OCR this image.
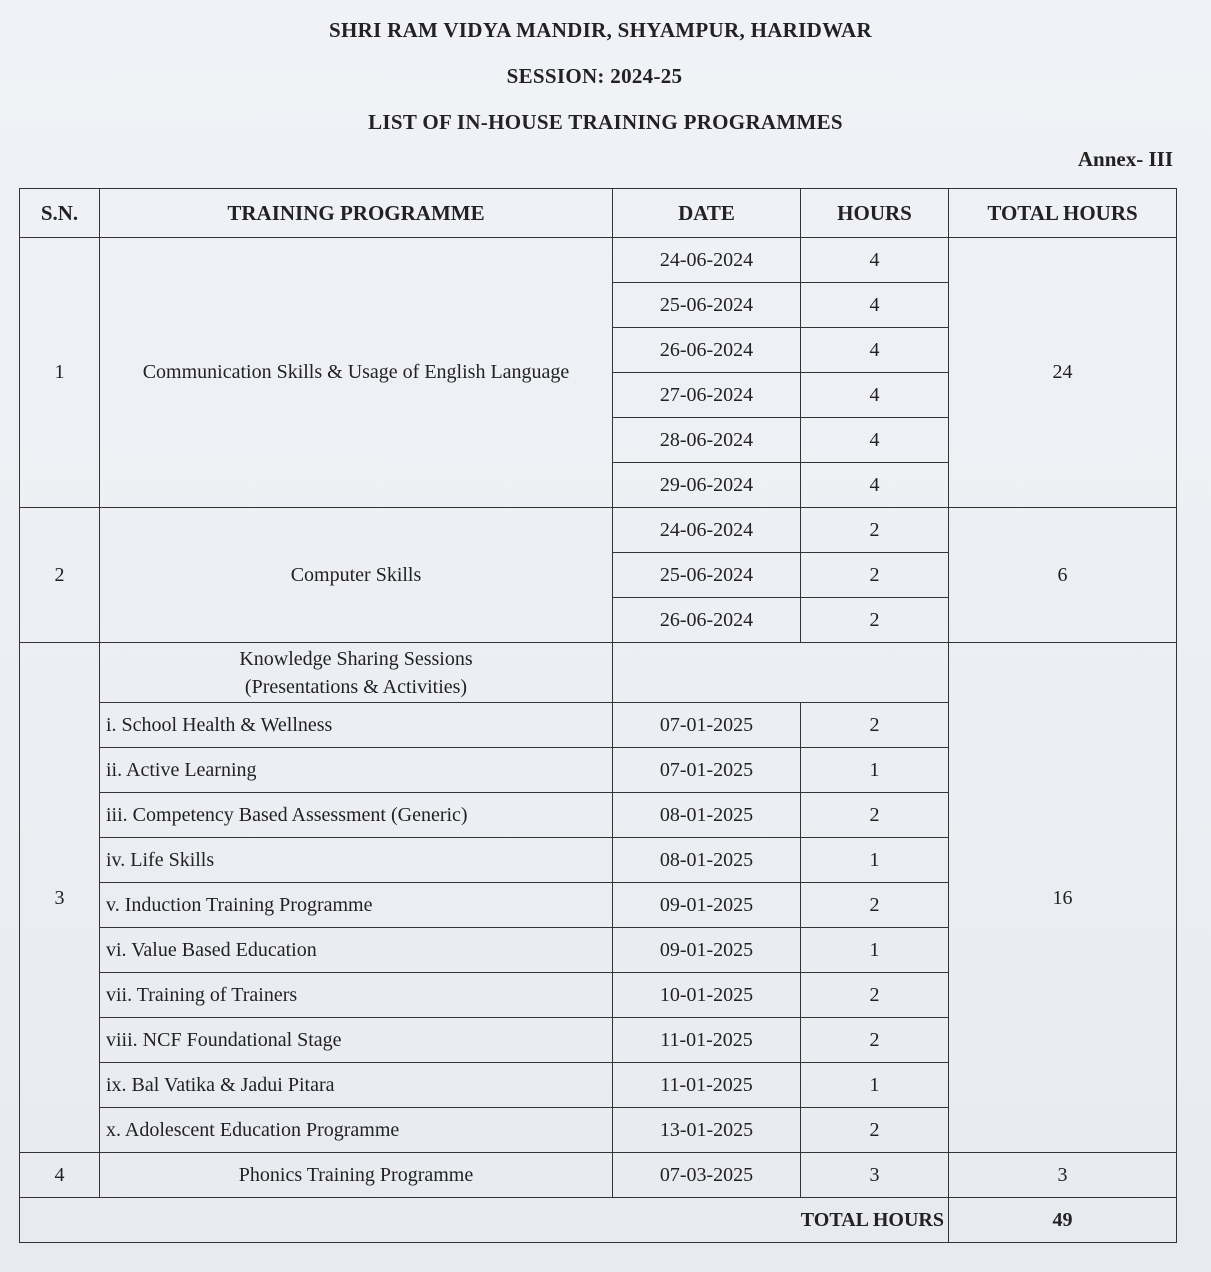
SHRI RAM VIDYA MANDIR, SHYAMPUR, HARIDWAR
SESSION: 2024-25
LIST OF IN-HOUSE TRAINING PROGRAMMES
Annex- III
S.N.	TRAINING PROGRAMME	DATE	HOURS	TOTAL HOURS
1	Communication Skills & Usage of English Language	24-06-2024	4	24
		25-06-2024	4	
		26-06-2024	4	
		27-06-2024	4	
		28-06-2024	4	
		29-06-2024	4	
2	Computer Skills	24-06-2024	2	6
		25-06-2024	2	
		26-06-2024	2	
3	Knowledge Sharing Sessions
(Presentations & Activities)			16
	i. School Health & Wellness	07-01-2025	2	
	ii. Active Learning	07-01-2025	1	
	iii. Competency Based Assessment (Generic)	08-01-2025	2	
	iv. Life Skills	08-01-2025	1	
	v. Induction Training Programme	09-01-2025	2	
	vi. Value Based Education	09-01-2025	1	
	vii. Training of Trainers	10-01-2025	2	
	viii. NCF Foundational Stage	11-01-2025	2	
	ix. Bal Vatika & Jadui Pitara	11-01-2025	1	
	x. Adolescent Education Programme	13-01-2025	2	
4	Phonics Training Programme	07-03-2025	3	3
TOTAL HOURS				49
